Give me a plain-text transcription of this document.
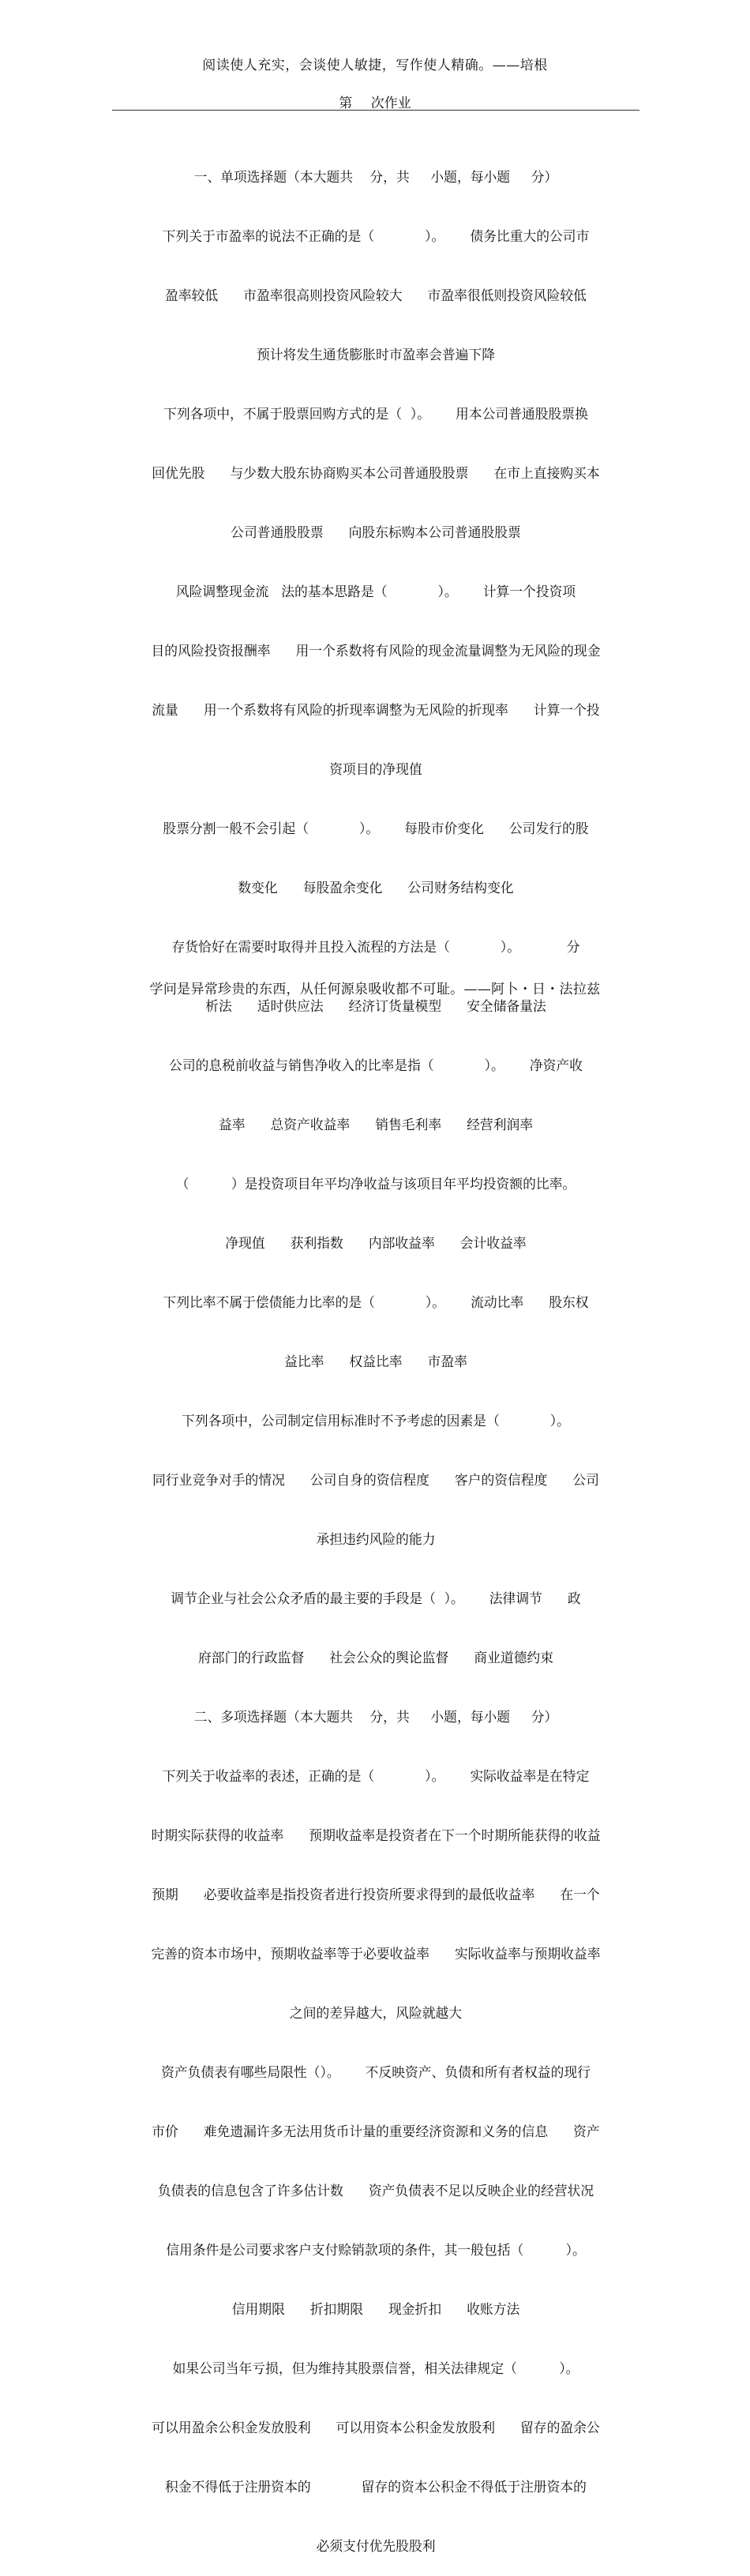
阅读使人充实，会谈使人敏捷，写作使人精确。——培根
第 次作业

一、单项选择题（本大题共    分，共     小题，每小题     分）

下列关于市盈率的说法不正确的是（            ）。      债务比重大的公司市

盈率较低      市盈率很高则投资风险较大      市盈率很低则投资风险较低

预计将发生通货膨胀时市盈率会普遍下降

下列各项中，不属于股票回购方式的是（  ）。      用本公司普通股股票换

回优先股      与少数大股东协商购买本公司普通股股票      在市上直接购买本

公司普通股股票      向股东标购本公司普通股股票

风险调整现金流   法的基本思路是（            ）。      计算一个投资项

目的风险投资报酬率      用一个系数将有风险的现金流量调整为无风险的现金

流量      用一个系数将有风险的折现率调整为无风险的折现率      计算一个投

资项目的净现值

股票分割一般不会引起（            ）。      每股市价变化      公司发行的股

数变化      每股盈余变化      公司财务结构变化

存货恰好在需要时取得并且投入流程的方法是（            ）。           分

析法      适时供应法      经济订货量模型      安全储备量法

公司的息税前收益与销售净收入的比率是指（            ）。      净资产收

益率      总资产收益率      销售毛利率      经营利润率

（          ）是投资项目年平均净收益与该项目年平均投资额的比率。

净现值      获利指数      内部收益率      会计收益率

下列比率不属于偿债能力比率的是（            ）。      流动比率      股东权

益比率      权益比率      市盈率

下列各项中，公司制定信用标准时不予考虑的因素是（            ）。

同行业竞争对手的情况      公司自身的资信程度      客户的资信程度      公司

承担违约风险的能力

调节企业与社会公众矛盾的最主要的手段是（  ）。      法律调节      政

府部门的行政监督      社会公众的舆论监督      商业道德约束

二、多项选择题（本大题共    分，共     小题，每小题     分）

下列关于收益率的表述，正确的是（            ）。      实际收益率是在特定

时期实际获得的收益率      预期收益率是投资者在下一个时期所能获得的收益

预期      必要收益率是指投资者进行投资所要求得到的最低收益率      在一个

完善的资本市场中，预期收益率等于必要收益率      实际收益率与预期收益率

之间的差异越大，风险就越大

资产负债表有哪些局限性（）。      不反映资产、负债和所有者权益的现行

市价      难免遗漏许多无法用货币计量的重要经济资源和义务的信息      资产

负债表的信息包含了许多估计数      资产负债表不足以反映企业的经营状况

信用条件是公司要求客户支付赊销款项的条件，其一般包括（          ）。

信用期限      折扣期限      现金折扣      收账方法

如果公司当年亏损，但为维持其股票信誉，相关法律规定（          ）。

可以用盈余公积金发放股利      可以用资本公积金发放股利      留存的盈余公

积金不得低于注册资本的            留存的资本公积金不得低于注册资本的

必须支付优先股股利

学问是异常珍贵的东西，从任何源泉吸收都不可耻。——阿卜・日・法拉兹
